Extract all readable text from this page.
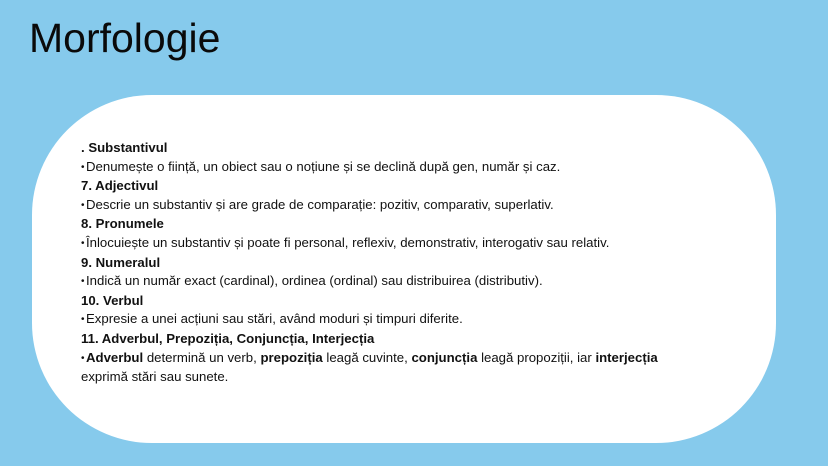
Morfologie
. Substantivul
•Denumește o ființă, un obiect sau o noțiune și se declină după gen, număr și caz.
7. Adjectivul
•Descrie un substantiv și are grade de comparație: pozitiv, comparativ, superlativ.
8. Pronumele
•Înlocuiește un substantiv și poate fi personal, reflexiv, demonstrativ, interogativ sau relativ.
9. Numeralul
•Indică un număr exact (cardinal), ordinea (ordinal) sau distribuirea (distributiv).
10. Verbul
•Expresie a unei acțiuni sau stări, având moduri și timpuri diferite.
11. Adverbul, Prepoziția, Conjuncția, Interjecția
•Adverbul determină un verb, prepoziția leagă cuvinte, conjuncția leagă propoziții, iar interjecția
exprimă stări sau sunete.
